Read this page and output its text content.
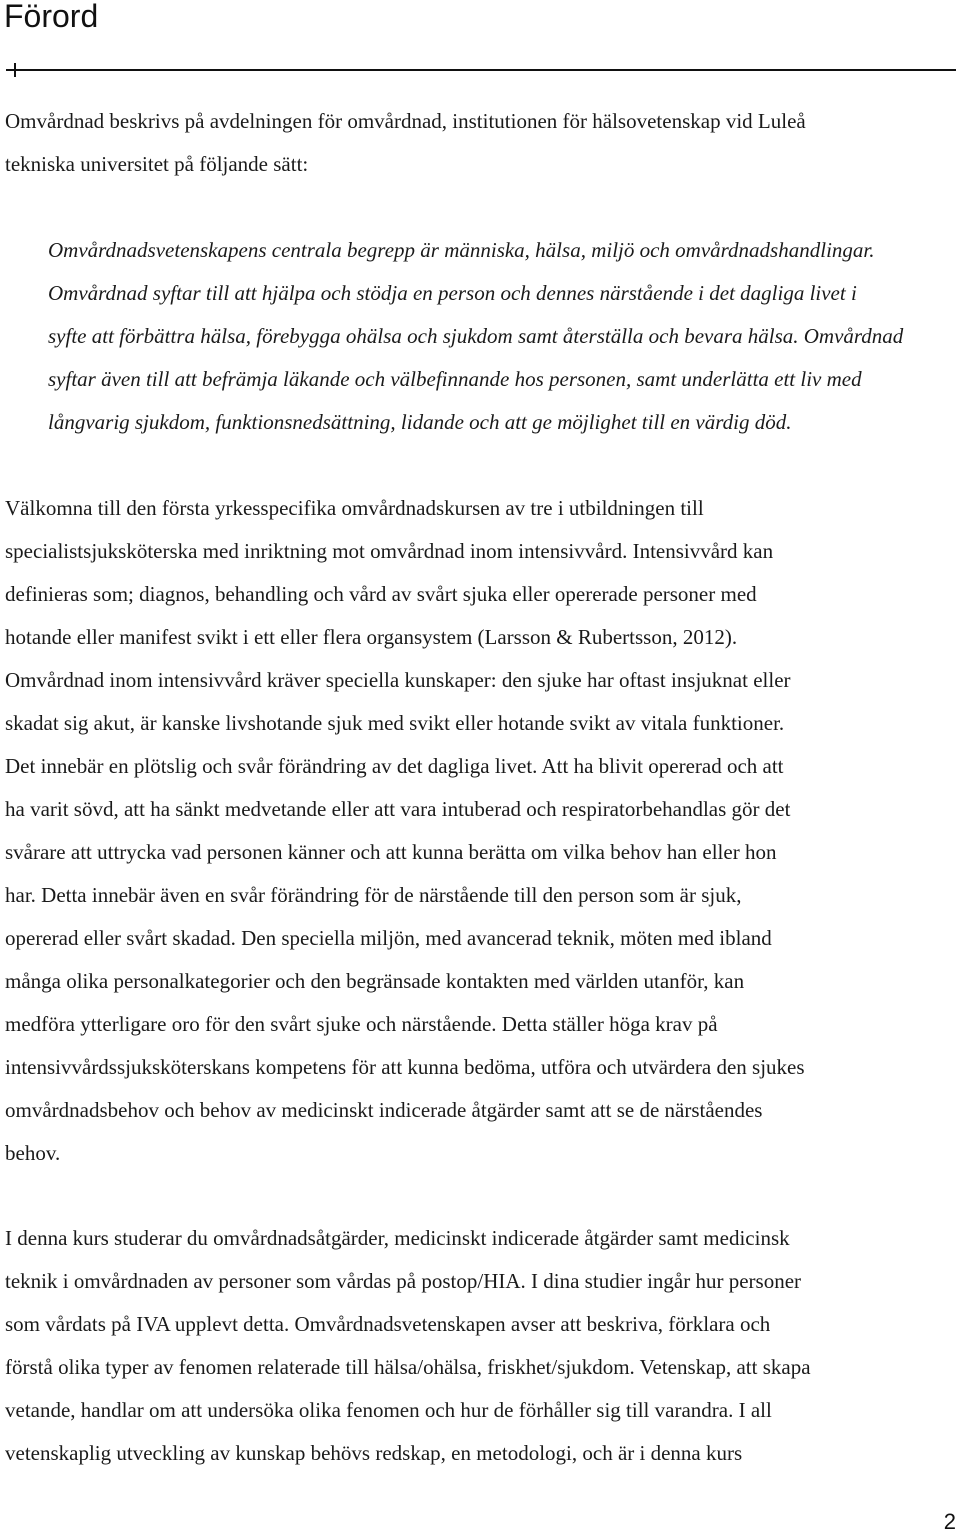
Förord

Omvårdnad beskrivs på avdelningen för omvårdnad, institutionen för hälsovetenskap vid Luleå
tekniska universitet på följande sätt:

Omvårdnadsvetenskapens centrala begrepp är människa, hälsa, miljö och omvårdnadshandlingar.
Omvårdnad syftar till att hjälpa och stödja en person och dennes närstående i det dagliga livet i
syfte att förbättra hälsa, förebygga ohälsa och sjukdom samt återställa och bevara hälsa. Omvårdnad
syftar även till att befrämja läkande och välbefinnande hos personen, samt underlätta ett liv med
långvarig sjukdom, funktionsnedsättning, lidande och att ge möjlighet till en värdig död.

Välkomna till den första yrkesspecifika omvårdnadskursen av tre i utbildningen till
specialistsjuksköterska med inriktning mot omvårdnad inom intensivvård. Intensivvård kan
definieras som; diagnos, behandling och vård av svårt sjuka eller opererade personer med
hotande eller manifest svikt i ett eller flera organsystem (Larsson & Rubertsson, 2012).
Omvårdnad inom intensivvård kräver speciella kunskaper: den sjuke har oftast insjuknat eller
skadat sig akut, är kanske livshotande sjuk med svikt eller hotande svikt av vitala funktioner.
Det innebär en plötslig och svår förändring av det dagliga livet. Att ha blivit opererad och att
ha varit sövd, att ha sänkt medvetande eller att vara intuberad och respiratorbehandlas gör det
svårare att uttrycka vad personen känner och att kunna berätta om vilka behov han eller hon
har. Detta innebär även en svår förändring för de närstående till den person som är sjuk,
opererad eller svårt skadad. Den speciella miljön, med avancerad teknik, möten med ibland
många olika personalkategorier och den begränsade kontakten med världen utanför, kan
medföra ytterligare oro för den svårt sjuke och närstående. Detta ställer höga krav på
intensivvårdssjuksköterskans kompetens för att kunna bedöma, utföra och utvärdera den sjukes
omvårdnadsbehov och behov av medicinskt indicerade åtgärder samt att se de närståendes
behov.

I denna kurs studerar du omvårdnadsåtgärder, medicinskt indicerade åtgärder samt medicinsk
teknik i omvårdnaden av personer som vårdas på postop/HIA. I dina studier ingår hur personer
som vårdats på IVA upplevt detta. Omvårdnadsvetenskapen avser att beskriva, förklara och
förstå olika typer av fenomen relaterade till hälsa/ohälsa, friskhet/sjukdom. Vetenskap, att skapa
vetande, handlar om att undersöka olika fenomen och hur de förhåller sig till varandra. I all
vetenskaplig utveckling av kunskap behövs redskap, en metodologi, och är i denna kurs

2
